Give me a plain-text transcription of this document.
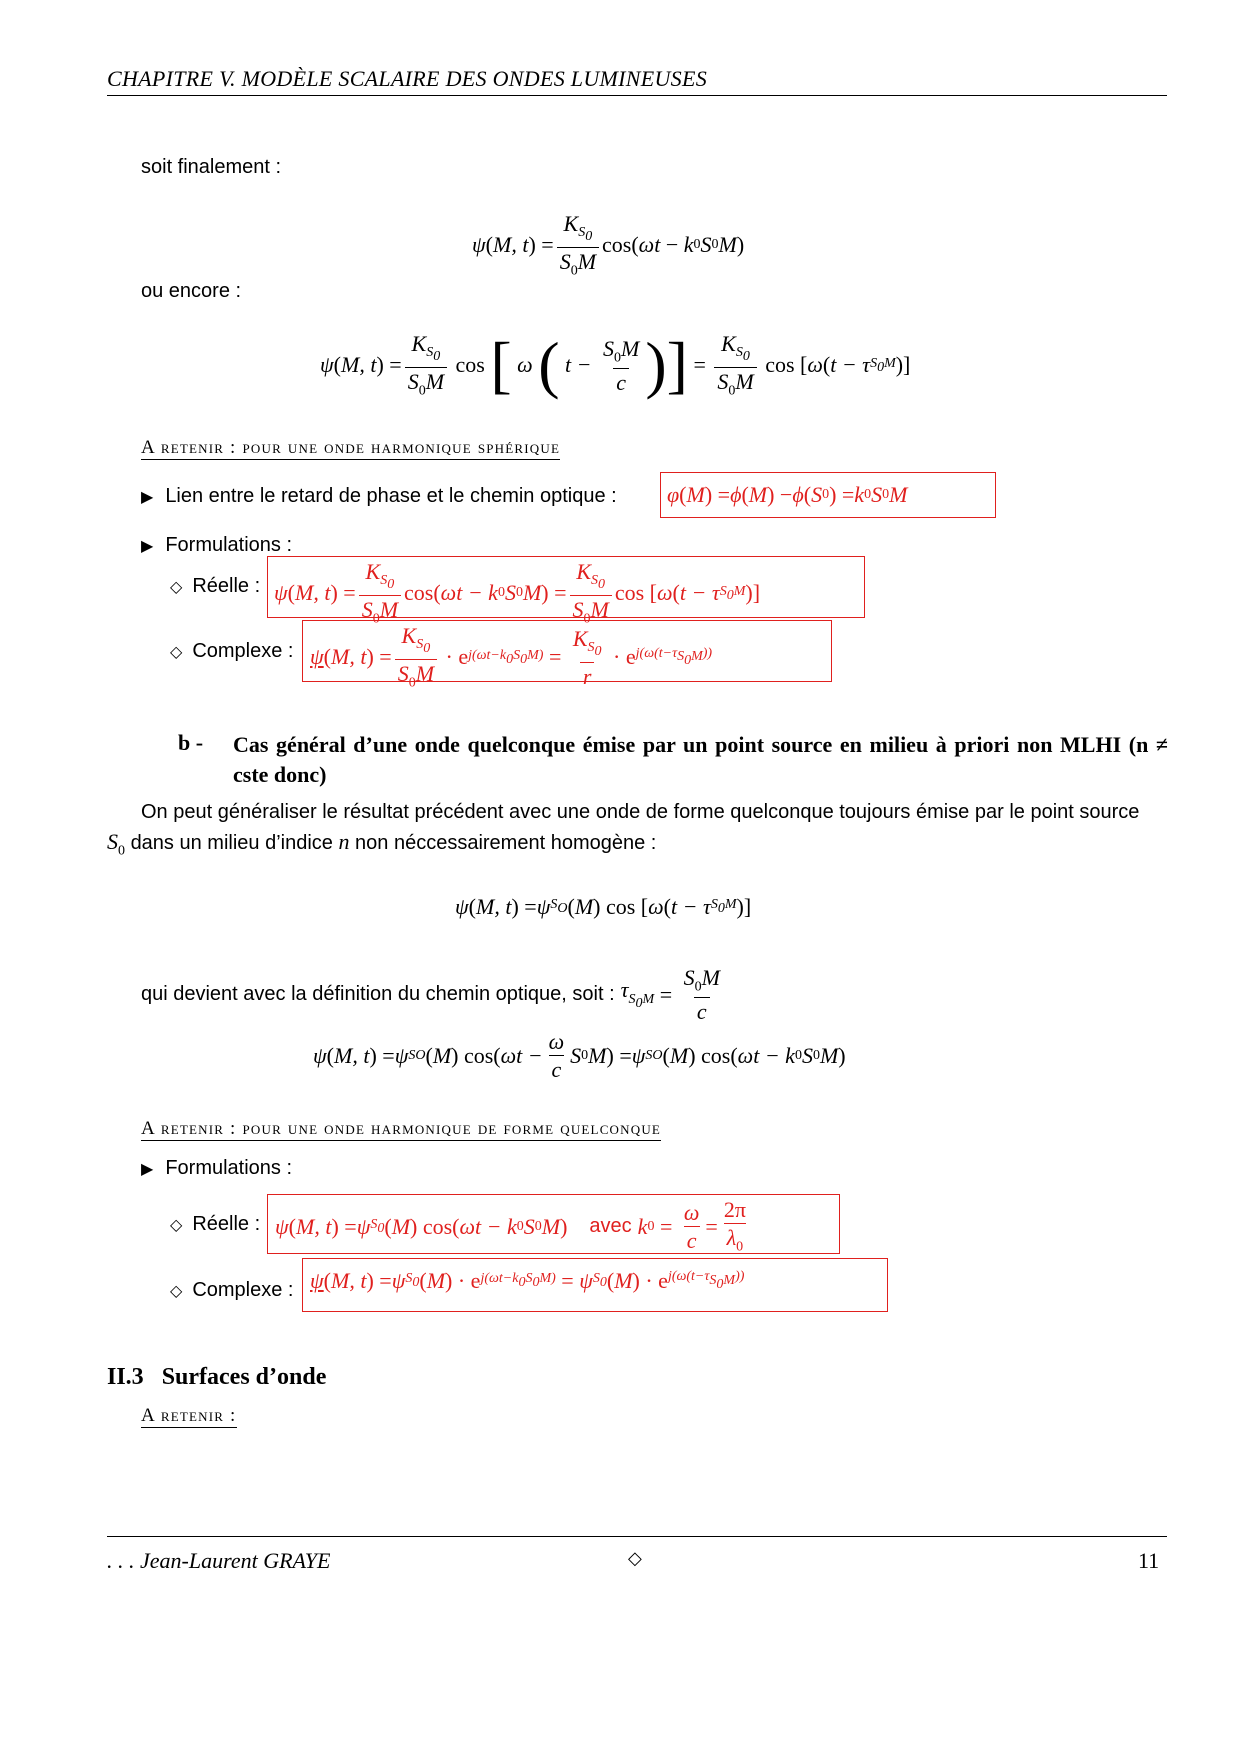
CHAPITRE V. MODÈLE SCALAIRE DES ONDES LUMINEUSES
soit finalement :
ψ(M, $t) = \frac{K_{S_0}}{S_0M} \cos$( ωt − k 0 S 0 M )
ou encore :
ψ(M, $t) = \frac{K_{S_0}}{S_0M}$ cos [ ω ( $t - \frac{S_0M}{c}$ ) ] = $\frac{K_{S_0}}{S_0M}$ cos [ ω ( t − τ $S_0M$ )]
A retenir : pour une onde harmonique sphérique
▶ Lien entre le retard de phase et le chemin optique : φ ( M ) = ϕ ( M ) − ϕ ( S 0 ) = k 0 S 0 M
▶ Formulations :
◇ Réelle : ψ(M, $t) = \frac{K_{S_0}}{S_0M} \cos$( ωt − k 0 S 0 M ) = $\frac{K_{S_0}}{S_0M}$ cos [ ω ( t − τ $S_0M$ )]
◇ Complexe : ψ(M, $t) = \frac{K_{S_0}}{S_0M} \cdot e$ $j(\omega t-k_0S_0M) = \frac{K_{S_0}}{r} \cdot e$ $j(\omega(t-\tau_{S_0M}))$
b - Cas général d’une onde quelconque émise par un point source en milieu à priori non MLHI (n ≠ cste donc)
On peut généraliser le résultat précédent avec une onde de forme quelconque toujours émise par le point source
$S_0$ dans un milieu d’indice n non néccessairement homogène :
ψ ( M, t ) = ψ $S_O$ ( M ) cos [ ω ( t − τ $S_0M$ )]
qui devient avec la définition du chemin optique, soit : $\tau_{S_0M} = \frac{S_0M}{c}$
ψ ( M, t ) = ψ SO ( M ) cos( $\omega t - \frac{\omega}{c}$ S 0 M ) = ψ SO ( M ) cos( ωt − k 0 S 0 M )
A retenir : pour une onde harmonique de forme quelconque
▶ Formulations :
◇ Réelle : ψ ( M, t ) = ψ $S_0$ ( M ) cos( ωt − k 0 S 0 M ) avec k $0 = \frac{\omega}{c} = \frac{2\pi}{\lambda_0}$
◇ Complexe : ψ ( M, t ) = ψ $S_0$ ( M ) · e $j(\omega t-k_0S_0M) = \psi$ $S_0$ ( M ) · e $j(\omega(t-\tau_{S_0M}))$
II.3 Surfaces d’onde
A retenir :
. . . Jean-Laurent GRAYE	◇	11
